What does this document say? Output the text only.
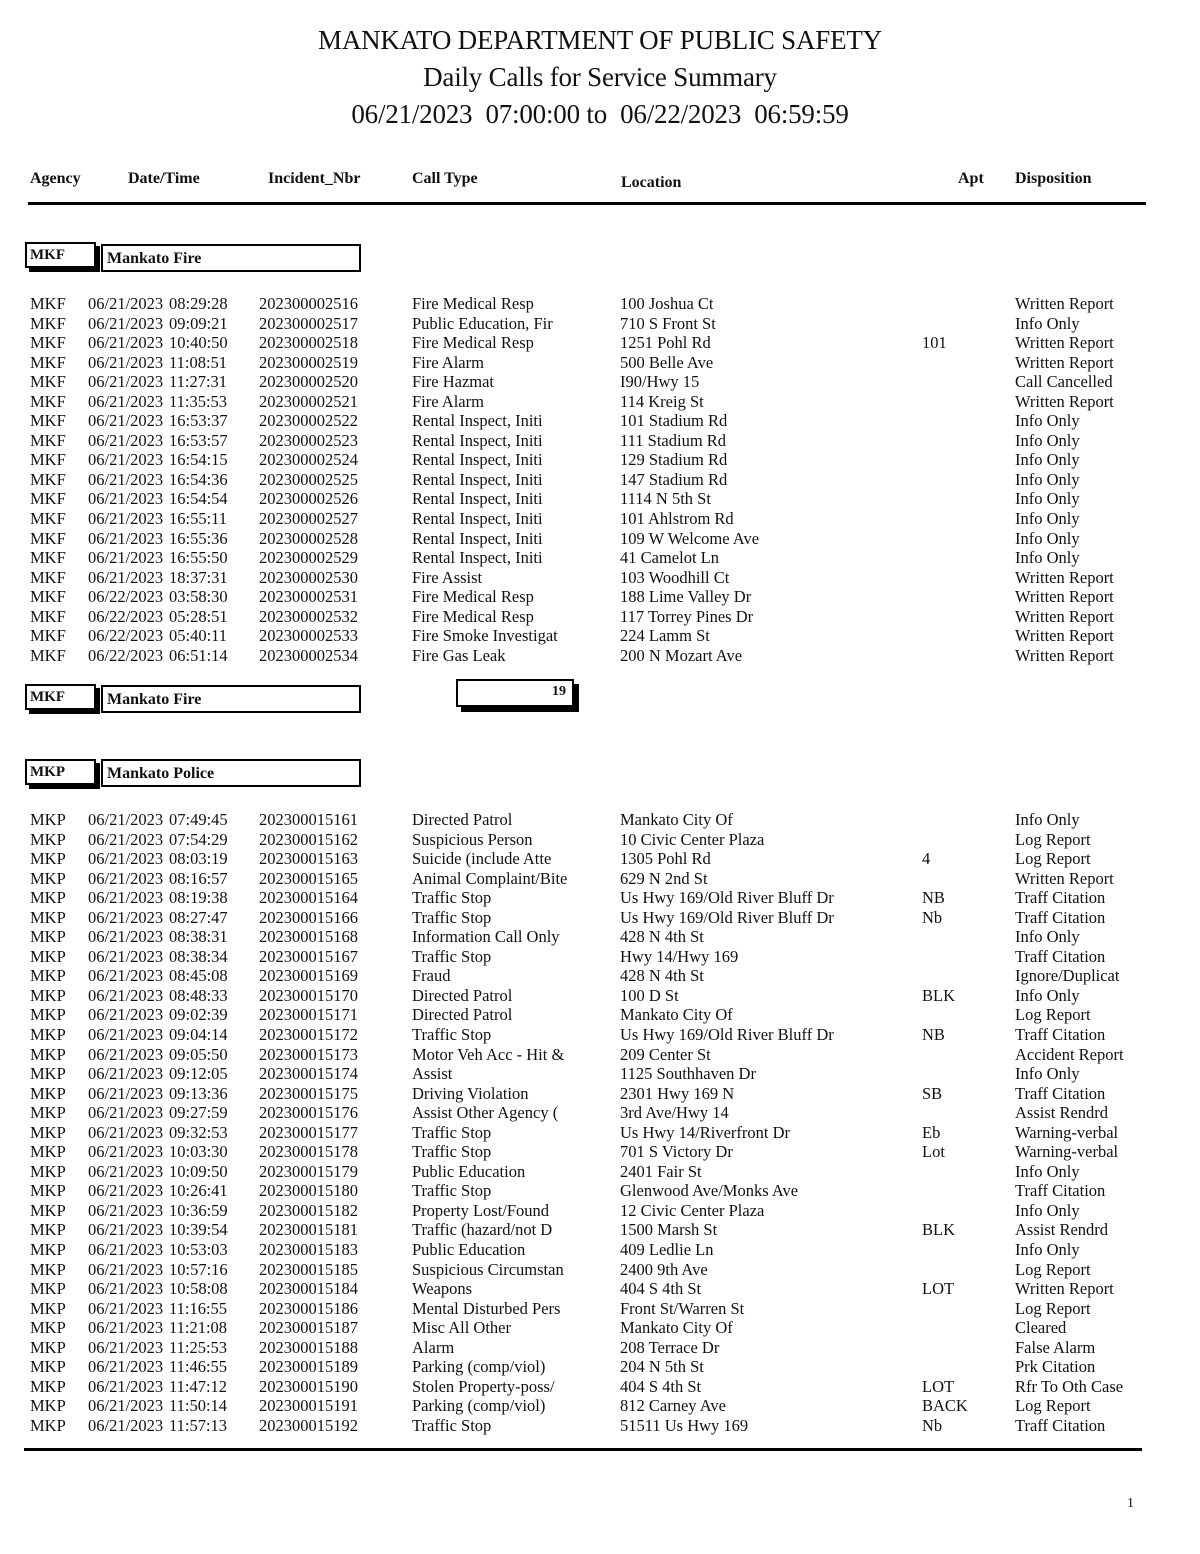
MANKATO DEPARTMENT OF PUBLIC SAFETY
Daily Calls for Service Summary
06/21/2023  07:00:00 to  06/22/2023  06:59:59
Agency	Date/Time	Incident_Nbr	Call Type	Location	Apt Disposition
MKF	Mankato Fire
MKF 06/21/2023 08:29:28 202300002516	Fire Medical Resp	100 Joshua Ct	Written Report
MKF 06/21/2023 09:09:21 202300002517	Public Education, Fir	710 S Front St	Info Only
MKF 06/21/2023 10:40:50 202300002518	Fire Medical Resp	1251 Pohl Rd	101	Written Report
MKF 06/21/2023 11:08:51 202300002519	Fire Alarm	500 Belle Ave	Written Report
MKF 06/21/2023 11:27:31 202300002520	Fire Hazmat	I90/Hwy 15	Call Cancelled
MKF 06/21/2023 11:35:53 202300002521	Fire Alarm	114 Kreig St	Written Report
MKF 06/21/2023 16:53:37 202300002522	Rental Inspect, Initi	101 Stadium Rd	Info Only
MKF 06/21/2023 16:53:57 202300002523	Rental Inspect, Initi	111 Stadium Rd	Info Only
MKF 06/21/2023 16:54:15 202300002524	Rental Inspect, Initi	129 Stadium Rd	Info Only
MKF 06/21/2023 16:54:36 202300002525	Rental Inspect, Initi	147 Stadium Rd	Info Only
MKF 06/21/2023 16:54:54 202300002526	Rental Inspect, Initi	1114 N 5th St	Info Only
MKF 06/21/2023 16:55:11 202300002527	Rental Inspect, Initi	101 Ahlstrom Rd	Info Only
MKF 06/21/2023 16:55:36 202300002528	Rental Inspect, Initi	109 W Welcome Ave	Info Only
MKF 06/21/2023 16:55:50 202300002529	Rental Inspect, Initi	41 Camelot Ln	Info Only
MKF 06/21/2023 18:37:31 202300002530	Fire Assist	103 Woodhill Ct	Written Report
MKF 06/22/2023 03:58:30 202300002531	Fire Medical Resp	188 Lime Valley Dr	Written Report
MKF 06/22/2023 05:28:51 202300002532	Fire Medical Resp	117 Torrey Pines Dr	Written Report
MKF 06/22/2023 05:40:11 202300002533	Fire Smoke Investigat	224 Lamm St	Written Report
MKF 06/22/2023 06:51:14 202300002534	Fire Gas Leak	200 N Mozart Ave	Written Report
MKF	Mankato Fire	19
MKP	Mankato Police
MKP 06/21/2023 07:49:45 202300015161	Directed Patrol	Mankato City Of	Info Only
MKP 06/21/2023 07:54:29 202300015162	Suspicious Person	10 Civic Center Plaza	Log Report
MKP 06/21/2023 08:03:19 202300015163	Suicide (include Atte	1305 Pohl Rd	4	Log Report
MKP 06/21/2023 08:16:57 202300015165	Animal Complaint/Bite	629 N 2nd St	Written Report
MKP 06/21/2023 08:19:38 202300015164	Traffic Stop	Us Hwy 169/Old River Bluff Dr	NB	Traff Citation
MKP 06/21/2023 08:27:47 202300015166	Traffic Stop	Us Hwy 169/Old River Bluff Dr	Nb	Traff Citation
MKP 06/21/2023 08:38:31 202300015168	Information Call Only	428 N 4th St	Info Only
MKP 06/21/2023 08:38:34 202300015167	Traffic Stop	Hwy 14/Hwy 169	Traff Citation
MKP 06/21/2023 08:45:08 202300015169	Fraud	428 N 4th St	Ignore/Duplicat
MKP 06/21/2023 08:48:33 202300015170	Directed Patrol	100 D St	BLK	Info Only
MKP 06/21/2023 09:02:39 202300015171	Directed Patrol	Mankato City Of	Log Report
MKP 06/21/2023 09:04:14 202300015172	Traffic Stop	Us Hwy 169/Old River Bluff Dr	NB	Traff Citation
MKP 06/21/2023 09:05:50 202300015173	Motor Veh Acc - Hit &	209 Center St	Accident Report
MKP 06/21/2023 09:12:05 202300015174	Assist	1125 Southhaven Dr	Info Only
MKP 06/21/2023 09:13:36 202300015175	Driving Violation	2301 Hwy 169 N	SB	Traff Citation
MKP 06/21/2023 09:27:59 202300015176	Assist Other Agency (	3rd Ave/Hwy 14	Assist Rendrd
MKP 06/21/2023 09:32:53 202300015177	Traffic Stop	Us Hwy 14/Riverfront Dr	Eb	Warning-verbal
MKP 06/21/2023 10:03:30 202300015178	Traffic Stop	701 S Victory Dr	Lot	Warning-verbal
MKP 06/21/2023 10:09:50 202300015179	Public Education	2401 Fair St	Info Only
MKP 06/21/2023 10:26:41 202300015180	Traffic Stop	Glenwood Ave/Monks Ave	Traff Citation
MKP 06/21/2023 10:36:59 202300015182	Property Lost/Found	12 Civic Center Plaza	Info Only
MKP 06/21/2023 10:39:54 202300015181	Traffic (hazard/not D	1500 Marsh St	BLK	Assist Rendrd
MKP 06/21/2023 10:53:03 202300015183	Public Education	409 Ledlie Ln	Info Only
MKP 06/21/2023 10:57:16 202300015185	Suspicious Circumstan	2400 9th Ave	Log Report
MKP 06/21/2023 10:58:08 202300015184	Weapons	404 S 4th St	LOT	Written Report
MKP 06/21/2023 11:16:55 202300015186	Mental Disturbed Pers	Front St/Warren St	Log Report
MKP 06/21/2023 11:21:08 202300015187	Misc All Other	Mankato City Of	Cleared
MKP 06/21/2023 11:25:53 202300015188	Alarm	208 Terrace Dr	False Alarm
MKP 06/21/2023 11:46:55 202300015189	Parking (comp/viol)	204 N 5th St	Prk Citation
MKP 06/21/2023 11:47:12 202300015190	Stolen Property-poss/	404 S 4th St	LOT	Rfr To Oth Case
MKP 06/21/2023 11:50:14 202300015191	Parking (comp/viol)	812 Carney Ave	BACK	Log Report
MKP 06/21/2023 11:57:13 202300015192	Traffic Stop	51511 Us Hwy 169	Nb	Traff Citation
1
